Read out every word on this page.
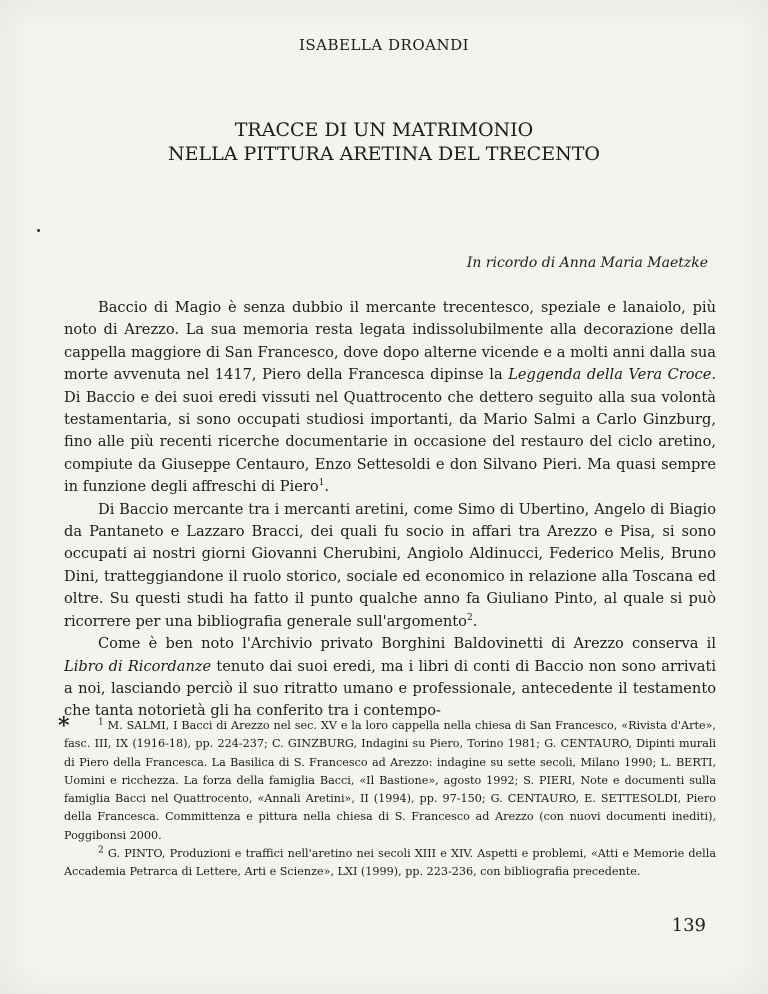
ISABELLA DROANDI
TRACCE DI UN MATRIMONIO
NELLA PITTURA ARETINA DEL TRECENTO
In ricordo di Anna Maria Maetzke

Baccio di Magio è senza dubbio il mercante trecentesco, speziale e lanaiolo, più noto di Arezzo. La sua memoria resta legata indissolubilmente alla decorazione della cappella maggiore di San Francesco, dove dopo alterne vicende e a molti anni dalla sua morte avvenuta nel 1417, Piero della Francesca dipinse la Leggenda della Vera Croce. Di Baccio e dei suoi eredi vissuti nel Quattrocento che dettero seguito alla sua volontà testamentaria, si sono occupati studiosi importanti, da Mario Salmi a Carlo Ginzburg, fino alle più recenti ricerche documentarie in occasione del restauro del ciclo aretino, compiute da Giuseppe Centauro, Enzo Settesoldi e don Silvano Pieri. Ma quasi sempre in funzione degli affreschi di Piero$^1$.

Di Baccio mercante tra i mercanti aretini, come Simo di Ubertino, Angelo di Biagio da Pantaneto e Lazzaro Bracci, dei quali fu socio in affari tra Arezzo e Pisa, si sono occupati ai nostri giorni Giovanni Cherubini, Angiolo Aldinucci, Federico Melis, Bruno Dini, tratteggiandone il ruolo storico, sociale ed economico in relazione alla Toscana ed oltre. Su questi studi ha fatto il punto qualche anno fa Giuliano Pinto, al quale si può ricorrere per una bibliografia generale sull'argomento$^2$.

Come è ben noto l'Archivio privato Borghini Baldovinetti di Arezzo conserva il Libro di Ricordanze tenuto dai suoi eredi, ma i libri di conti di Baccio non sono arrivati a noi, lasciando perciò il suo ritratto umano e professionale, antecedente il testamento che tanta notorietà gli ha conferito tra i contempo-

*	$^1$ M. SALMI, I Bacci di Arezzo nel sec. XV e la loro cappella nella chiesa di San Francesco, «Rivista d'Arte», fasc. III, IX (1916-18), pp. 224-237; C. GINZBURG, Indagini su Piero, Torino 1981; G. CENTAURO, Dipinti murali di Piero della Francesca. La Basilica di S. Francesco ad Arezzo: indagine su sette secoli, Milano 1990; L. BERTI, Uomini e ricchezza. La forza della famiglia Bacci, «Il Bastione», agosto 1992; S. PIERI, Note e documenti sulla famiglia Bacci nel Quattrocento, «Annali Aretini», II (1994), pp. 97-150; G. CENTAURO, E. SETTESOLDI, Piero della Francesca. Committenza e pittura nella chiesa di S. Francesco ad Arezzo (con nuovi documenti inediti), Poggibonsi 2000.

$^2$ G. PINTO, Produzioni e traffici nell'aretino nei secoli XIII e XIV. Aspetti e problemi, «Atti e Memorie della Accademia Petrarca di Lettere, Arti e Scienze», LXI (1999), pp. 223-236, con bibliografia precedente.

139
